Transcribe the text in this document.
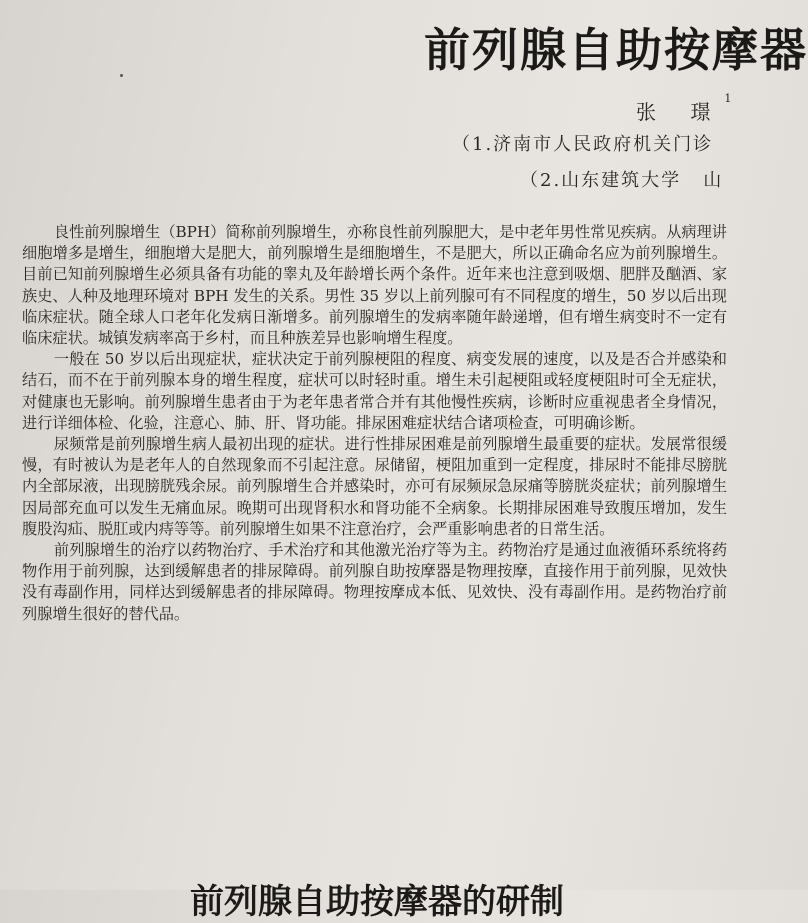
前列腺自助按摩器
张 璟$^1$
（1.济南市人民政府机关门诊
（2.山东建筑大学 山

良性前列腺增生（BPH）简称前列腺增生，亦称良性前列腺肥大，是中老年男性常见疾病。从病理讲细胞增多是增生，细胞增大是肥大，前列腺增生是细胞增生，不是肥大，所以正确命名应为前列腺增生。目前已知前列腺增生必须具备有功能的睾丸及年龄增长两个条件。近年来也注意到吸烟、肥胖及酗酒、家族史、人种及地理环境对 BPH 发生的关系。男性 35 岁以上前列腺可有不同程度的增生，50 岁以后出现临床症状。随全球人口老年化发病日渐增多。前列腺增生的发病率随年龄递增，但有增生病变时不一定有临床症状。城镇发病率高于乡村，而且种族差异也影响增生程度。

一般在 50 岁以后出现症状，症状决定于前列腺梗阻的程度、病变发展的速度，以及是否合并感染和结石，而不在于前列腺本身的增生程度，症状可以时轻时重。增生未引起梗阻或轻度梗阻时可全无症状，对健康也无影响。前列腺增生患者由于为老年患者常合并有其他慢性疾病，诊断时应重视患者全身情况，进行详细体检、化验，注意心、肺、肝、肾功能。排尿困难症状结合诸项检查，可明确诊断。

尿频常是前列腺增生病人最初出现的症状。进行性排尿困难是前列腺增生最重要的症状。发展常很缓慢，有时被认为是老年人的自然现象而不引起注意。尿储留，梗阻加重到一定程度，排尿时不能排尽膀胱内全部尿液，出现膀胱残余尿。前列腺增生合并感染时，亦可有尿频尿急尿痛等膀胱炎症状；前列腺增生因局部充血可以发生无痛血尿。晚期可出现肾积水和肾功能不全病象。长期排尿困难导致腹压增加，发生腹股沟疝、脱肛或内痔等等。前列腺增生如果不注意治疗，会严重影响患者的日常生活。

前列腺增生的治疗以药物治疗、手术治疗和其他激光治疗等为主。药物治疗是通过血液循环系统将药物作用于前列腺，达到缓解患者的排尿障碍。前列腺自助按摩器是物理按摩，直接作用于前列腺，见效快没有毒副作用，同样达到缓解患者的排尿障碍。物理按摩成本低、见效快、没有毒副作用。是药物治疗前列腺增生很好的替代品。

前列腺自助按摩器的研制
